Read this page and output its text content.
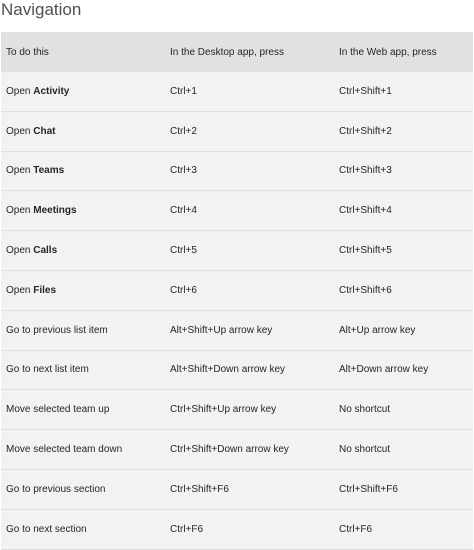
Navigation
To do this	In the Desktop app, press	In the Web app, press
Open Activity	Ctrl+1	Ctrl+Shift+1
Open Chat	Ctrl+2	Ctrl+Shift+2
Open Teams	Ctrl+3	Ctrl+Shift+3
Open Meetings	Ctrl+4	Ctrl+Shift+4
Open Calls	Ctrl+5	Ctrl+Shift+5
Open Files	Ctrl+6	Ctrl+Shift+6
Go to previous list item	Alt+Shift+Up arrow key	Alt+Up arrow key
Go to next list item	Alt+Shift+Down arrow key	Alt+Down arrow key
Move selected team up	Ctrl+Shift+Up arrow key	No shortcut
Move selected team down	Ctrl+Shift+Down arrow key	No shortcut
Go to previous section	Ctrl+Shift+F6	Ctrl+Shift+F6
Go to next section	Ctrl+F6	Ctrl+F6
